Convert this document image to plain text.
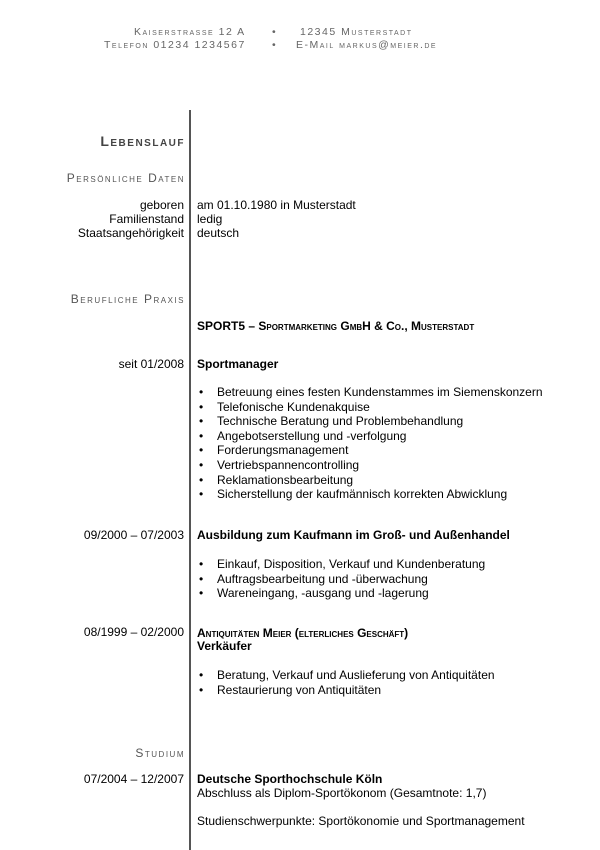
Kaiserstrasse 12 A	• 12345 Musterstadt
Telefon 01234 1234567 • E-Mail markus@meier.de
Lebenslauf
Persönliche Daten
geboren am 01.10.1980 in Musterstadt
Familienstand ledig
Staatsangehörigkeit deutsch
Berufliche Praxis
SPORT5 – Sportmarketing GmbH & Co., Musterstadt
seit 01/2008 Sportmanager
• Betreuung eines festen Kundenstammes im Siemenskonzern
• Telefonische Kundenakquise
• Technische Beratung und Problembehandlung
• Angebotserstellung und -verfolgung
• Forderungsmanagement
• Vertriebspannencontrolling
• Reklamationsbearbeitung
• Sicherstellung der kaufmännisch korrekten Abwicklung
09/2000 – 07/2003 Ausbildung zum Kaufmann im Groß- und Außenhandel
• Einkauf, Disposition, Verkauf und Kundenberatung
• Auftragsbearbeitung und -überwachung
• Wareneingang, -ausgang und -lagerung
08/1999 – 02/2000 Antiquitäten Meier (elterliches Geschäft)
Verkäufer
• Beratung, Verkauf und Auslieferung von Antiquitäten
• Restaurierung von Antiquitäten
Studium
07/2004 – 12/2007 Deutsche Sporthochschule Köln
Abschluss als Diplom-Sportökonom (Gesamtnote: 1,7)
Studienschwerpunkte: Sportökonomie und Sportmanagement
